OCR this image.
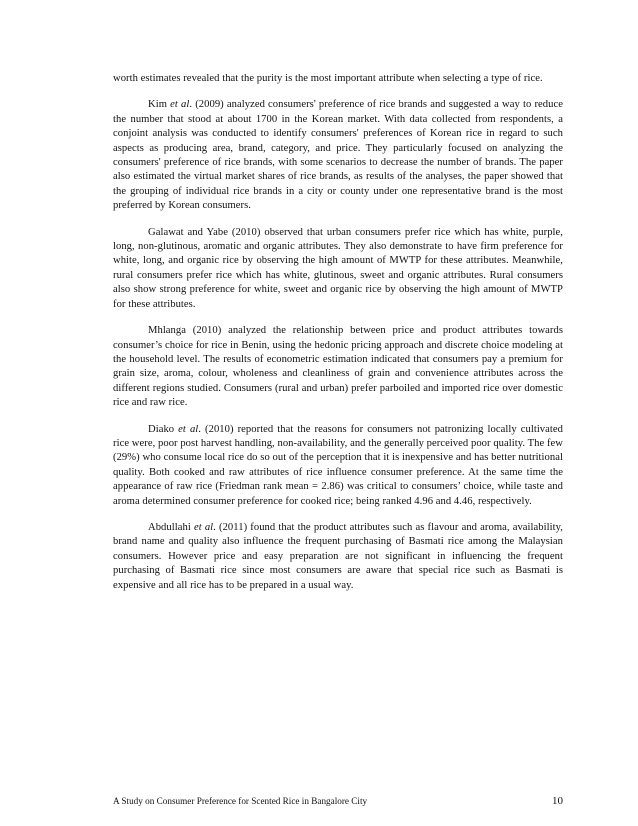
worth estimates revealed that the purity is the most important attribute when selecting a type of rice.

Kim et al. (2009) analyzed consumers' preference of rice brands and suggested a way to reduce the number that stood at about 1700 in the Korean market. With data collected from respondents, a conjoint analysis was conducted to identify consumers' preferences of Korean rice in regard to such aspects as producing area, brand, category, and price. They particularly focused on analyzing the consumers' preference of rice brands, with some scenarios to decrease the number of brands. The paper also estimated the virtual market shares of rice brands, as results of the analyses, the paper showed that the grouping of individual rice brands in a city or county under one representative brand is the most preferred by Korean consumers.

Galawat and Yabe (2010) observed that urban consumers prefer rice which has white, purple, long, non-glutinous, aromatic and organic attributes. They also demonstrate to have firm preference for white, long, and organic rice by observing the high amount of MWTP for these attributes. Meanwhile, rural consumers prefer rice which has white, glutinous, sweet and organic attributes. Rural consumers also show strong preference for white, sweet and organic rice by observing the high amount of MWTP for these attributes.

Mhlanga (2010) analyzed the relationship between price and product attributes towards consumer’s choice for rice in Benin, using the hedonic pricing approach and discrete choice modeling at the household level. The results of econometric estimation indicated that consumers pay a premium for grain size, aroma, colour, wholeness and cleanliness of grain and convenience attributes across the different regions studied. Consumers (rural and urban) prefer parboiled and imported rice over domestic rice and raw rice.

Diako et al. (2010) reported that the reasons for consumers not patronizing locally cultivated rice were, poor post harvest handling, non-availability, and the generally perceived poor quality. The few (29%) who consume local rice do so out of the perception that it is inexpensive and has better nutritional quality. Both cooked and raw attributes of rice influence consumer preference. At the same time the appearance of raw rice (Friedman rank mean = 2.86) was critical to consumers’ choice, while taste and aroma determined consumer preference for cooked rice; being ranked 4.96 and 4.46, respectively.

Abdullahi et al. (2011) found that the product attributes such as flavour and aroma, availability, brand name and quality also influence the frequent purchasing of Basmati rice among the Malaysian consumers. However price and easy preparation are not significant in influencing the frequent purchasing of Basmati rice since most consumers are aware that special rice such as Basmati is expensive and all rice has to be prepared in a usual way.

A Study on Consumer Preference for Scented Rice in Bangalore City	10
